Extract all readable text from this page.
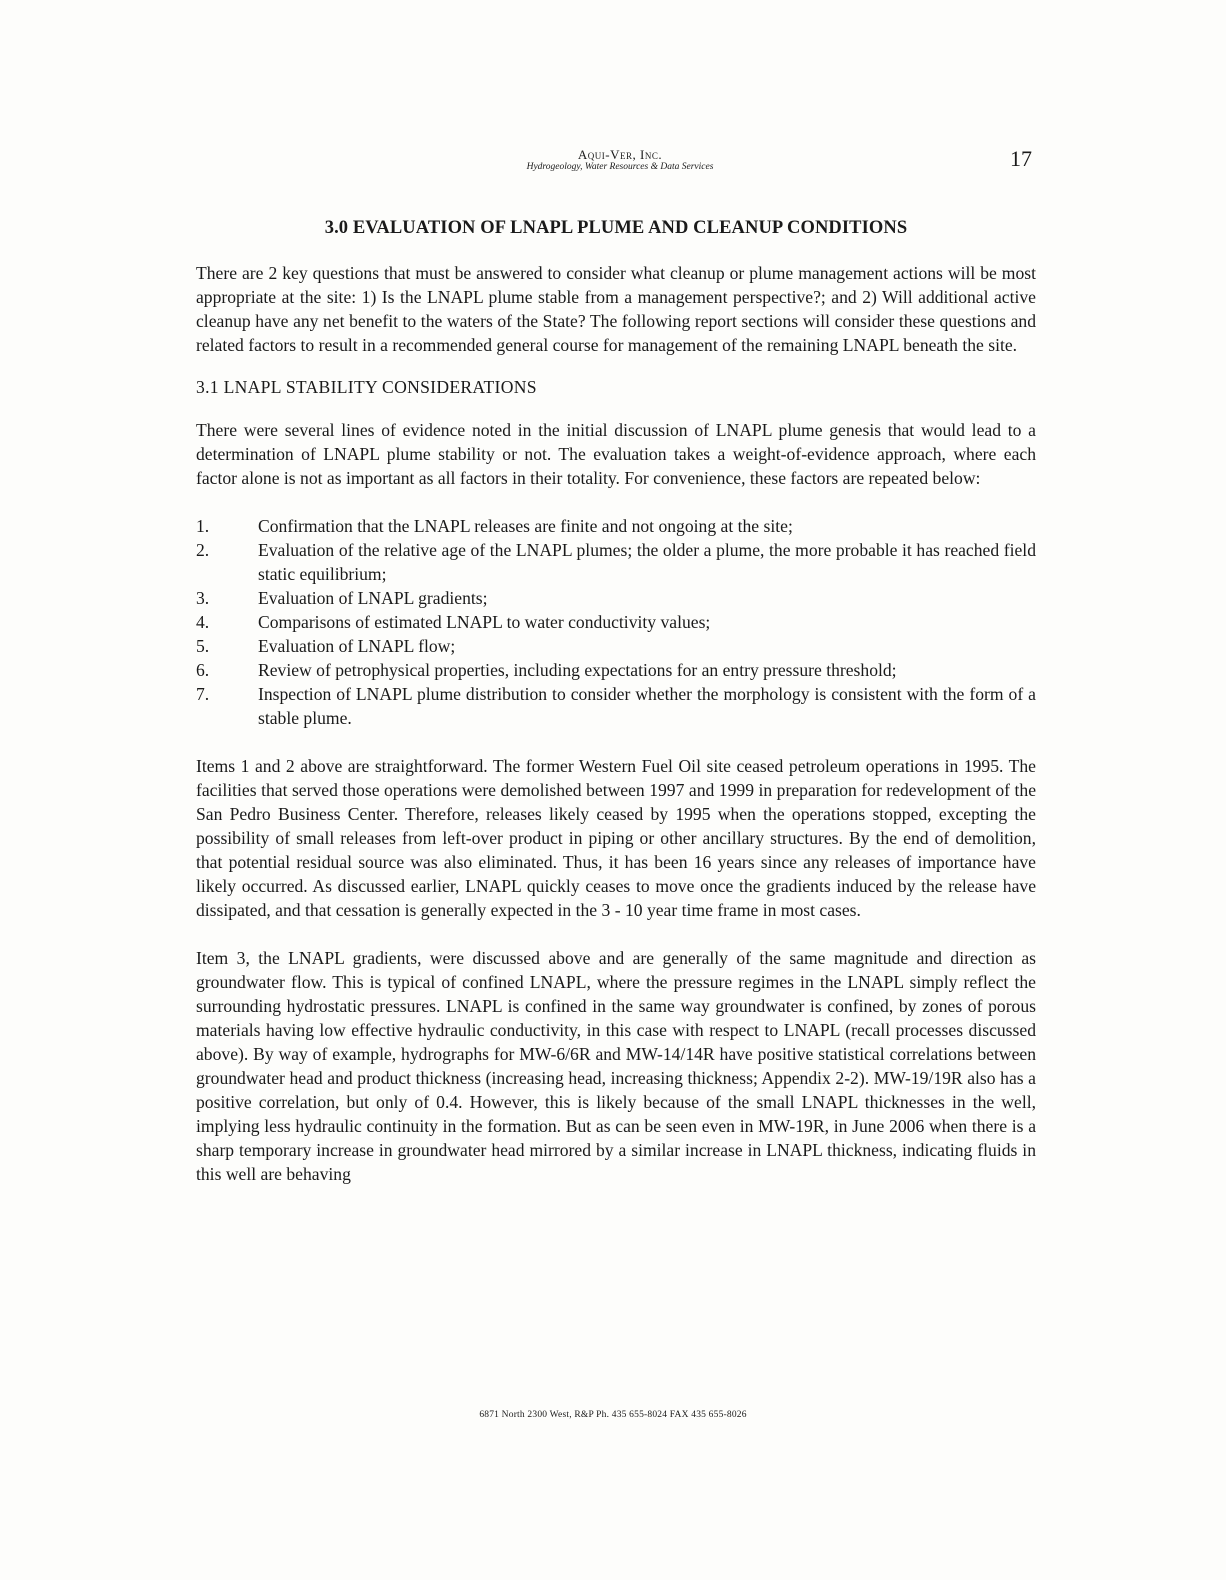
Aqui-Ver, Inc.
Hydrogeology, Water Resources & Data Services	17
3.0 EVALUATION OF LNAPL PLUME AND CLEANUP CONDITIONS

There are 2 key questions that must be answered to consider what cleanup or plume management actions will be most appropriate at the site: 1) Is the LNAPL plume stable from a management perspective?; and 2) Will additional active cleanup have any net benefit to the waters of the State? The following report sections will consider these questions and related factors to result in a recommended general course for management of the remaining LNAPL beneath the site.

3.1 LNAPL STABILITY CONSIDERATIONS

There were several lines of evidence noted in the initial discussion of LNAPL plume genesis that would lead to a determination of LNAPL plume stability or not. The evaluation takes a weight-of-evidence approach, where each factor alone is not as important as all factors in their totality. For convenience, these factors are repeated below:

1.	Confirmation that the LNAPL releases are finite and not ongoing at the site;
2.	Evaluation of the relative age of the LNAPL plumes; the older a plume, the more probable it has reached field static equilibrium;
3.	Evaluation of LNAPL gradients;
4.	Comparisons of estimated LNAPL to water conductivity values;
5.	Evaluation of LNAPL flow;
6.	Review of petrophysical properties, including expectations for an entry pressure threshold;
7.	Inspection of LNAPL plume distribution to consider whether the morphology is consistent with the form of a stable plume.

Items 1 and 2 above are straightforward. The former Western Fuel Oil site ceased petroleum operations in 1995. The facilities that served those operations were demolished between 1997 and 1999 in preparation for redevelopment of the San Pedro Business Center. Therefore, releases likely ceased by 1995 when the operations stopped, excepting the possibility of small releases from left-over product in piping or other ancillary structures. By the end of demolition, that potential residual source was also eliminated. Thus, it has been 16 years since any releases of importance have likely occurred. As discussed earlier, LNAPL quickly ceases to move once the gradients induced by the release have dissipated, and that cessation is generally expected in the 3 - 10 year time frame in most cases.

Item 3, the LNAPL gradients, were discussed above and are generally of the same magnitude and direction as groundwater flow. This is typical of confined LNAPL, where the pressure regimes in the LNAPL simply reflect the surrounding hydrostatic pressures. LNAPL is confined in the same way groundwater is confined, by zones of porous materials having low effective hydraulic conductivity, in this case with respect to LNAPL (recall processes discussed above). By way of example, hydrographs for MW-6/6R and MW-14/14R have positive statistical correlations between groundwater head and product thickness (increasing head, increasing thickness; Appendix 2-2). MW-19/19R also has a positive correlation, but only of 0.4. However, this is likely because of the small LNAPL thicknesses in the well, implying less hydraulic continuity in the formation. But as can be seen even in MW-19R, in June 2006 when there is a sharp temporary increase in groundwater head mirrored by a similar increase in LNAPL thickness, indicating fluids in this well are behaving

6871 North 2300 West, R&P Ph. 435 655-8024 FAX 435 655-8026
